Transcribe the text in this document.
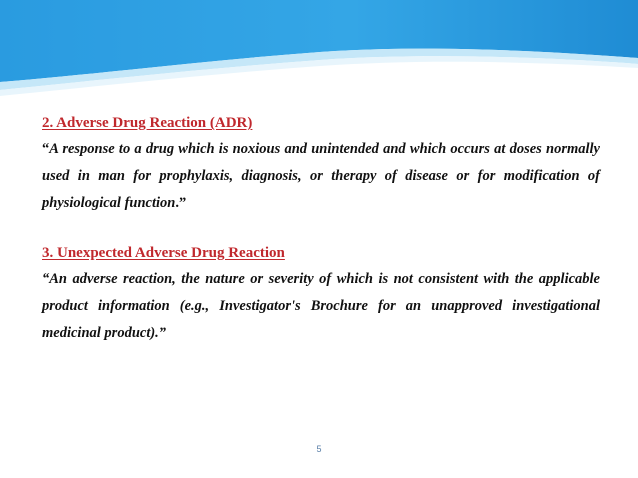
2. Adverse Drug Reaction (ADR)

“A response to a drug which is noxious and unintended and which occurs at doses normally used in man for prophylaxis, diagnosis, or therapy of disease or for modification of physiological function.”

3. Unexpected Adverse Drug Reaction

“An adverse reaction, the nature or severity of which is not consistent with the applicable product information (e.g., Investigator's Brochure for an unapproved investigational medicinal product).”

5
